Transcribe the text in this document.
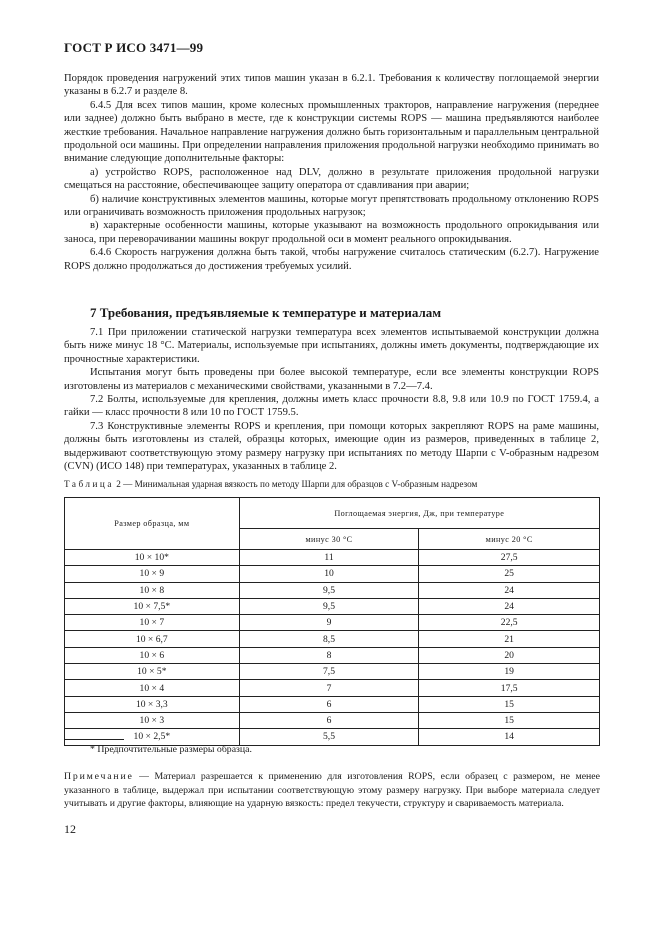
ГОСТ Р ИСО 3471—99

Порядок проведения нагружений этих типов машин указан в 6.2.1. Требования к количеству поглощаемой энергии указаны в 6.2.7 и разделе 8.

6.4.5 Для всех типов машин, кроме колесных промышленных тракторов, направление нагружения (переднее или заднее) должно быть выбрано в месте, где к конструкции системы ROPS — машина предъявляются наиболее жесткие требования. Начальное направление нагружения должно быть горизонтальным и параллельным центральной продольной оси машины. При определении направления приложения продольной нагрузки необходимо принимать во внимание следующие дополнительные факторы:

а) устройство ROPS, расположенное над DLV, должно в результате приложения продольной нагрузки смещаться на расстояние, обеспечивающее защиту оператора от сдавливания при аварии;

б) наличие конструктивных элементов машины, которые могут препятствовать продольному отклонению ROPS или ограничивать возможность приложения продольных нагрузок;

в) характерные особенности машины, которые указывают на возможность продольного опрокидывания или заноса, при переворачивании машины вокруг продольной оси в момент реального опрокидывания.

6.4.6 Скорость нагружения должна быть такой, чтобы нагружение считалось статическим (6.2.7). Нагружение ROPS должно продолжаться до достижения требуемых усилий.

7 Требования, предъявляемые к температуре и материалам

7.1 При приложении статической нагрузки температура всех элементов испытываемой конструкции должна быть ниже минус 18 °С. Материалы, используемые при испытаниях, должны иметь документы, подтверждающие их прочностные характеристики.

Испытания могут быть проведены при более высокой температуре, если все элементы конструкции ROPS изготовлены из материалов с механическими свойствами, указанными в 7.2—7.4.

7.2 Болты, используемые для крепления, должны иметь класс прочности 8.8, 9.8 или 10.9 по ГОСТ 1759.4, а гайки — класс прочности 8 или 10 по ГОСТ 1759.5.

7.3 Конструктивные элементы ROPS и крепления, при помощи которых закрепляют ROPS на раме машины, должны быть изготовлены из сталей, образцы которых, имеющие один из размеров, приведенных в таблице 2, выдерживают соответствующую этому размеру нагрузку при испытаниях по методу Шарпи с V-образным надрезом (CVN) (ИСО 148) при температурах, указанных в таблице 2.

Таблица 2 — Минимальная ударная вязкость по методу Шарпи для образцов с V-образным надрезом
Размер образца, мм	Поглощаемая энергия, Дж, при температуре	
	минус 30 °С	минус 20 °С
10 × 10*	11	27,5
10 × 9	10	25
10 × 8	9,5	24
10 × 7,5*	9,5	24
10 × 7	9	22,5
10 × 6,7	8,5	21
10 × 6	8	20
10 × 5*	7,5	19
10 × 4	7	17,5
10 × 3,3	6	15
10 × 3	6	15
10 × 2,5*	5,5	14
* Предпочтительные размеры образца.

Примечание — Материал разрешается к применению для изготовления ROPS, если образец с размером, не менее указанного в таблице, выдержал при испытании соответствующую этому размеру нагрузку. При выборе материала следует учитывать и другие факторы, влияющие на ударную вязкость: предел текучести, структуру и свариваемость материала.

12
